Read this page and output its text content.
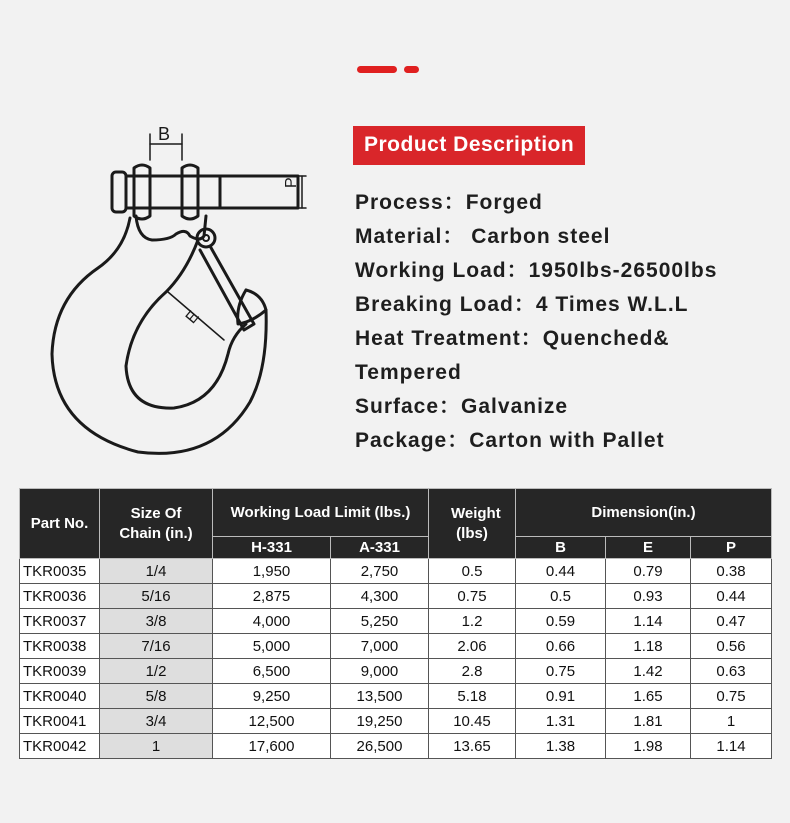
B
P
E
Product Description
Process：Forged
Material： Carbon steel
Working Load：1950lbs-26500lbs
Breaking Load：4 Times W.L.L
Heat Treatment：Quenched&
Tempered
Surface：Galvanize
Package：Carton with Pallet
Part No.	Size Of Chain (in.)	Working Load Limit (lbs.)		Weight (lbs)	Dimension(in.)		
		H-331	A-331		B	E	P
TKR0035	1/4	1,950	2,750	0.5	0.44	0.79	0.38
TKR0036	5/16	2,875	4,300	0.75	0.5	0.93	0.44
TKR0037	3/8	4,000	5,250	1.2	0.59	1.14	0.47
TKR0038	7/16	5,000	7,000	2.06	0.66	1.18	0.56
TKR0039	1/2	6,500	9,000	2.8	0.75	1.42	0.63
TKR0040	5/8	9,250	13,500	5.18	0.91	1.65	0.75
TKR0041	3/4	12,500	19,250	10.45	1.31	1.81	1
TKR0042	1	17,600	26,500	13.65	1.38	1.98	1.14
